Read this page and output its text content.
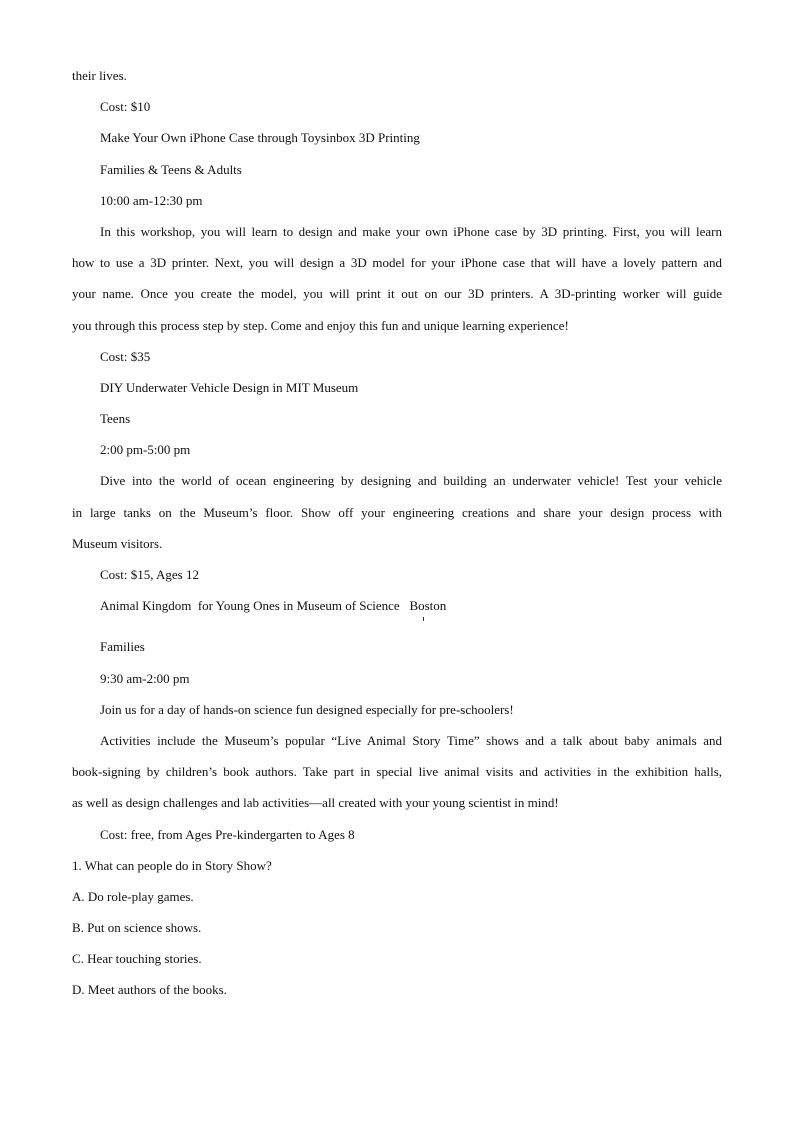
their lives.
Cost: $10
Make Your Own iPhone Case through Toysinbox 3D Printing
Families & Teens & Adults
10:00 am-12:30 pm
In this workshop, you will learn to design and make your own iPhone case by 3D printing. First, you will learn
how to use a 3D printer. Next, you will design a 3D model for your iPhone case that will have a lovely pattern and
your name. Once you create the model, you will print it out on our 3D printers. A 3D-printing worker will guide
you through this process step by step. Come and enjoy this fun and unique learning experience!
Cost: $35
DIY Underwater Vehicle Design in MIT Museum
Teens
2:00 pm-5:00 pm
Dive into the world of ocean engineering by designing and building an underwater vehicle! Test your vehicle
in large tanks on the Museum’s floor. Show off your engineering creations and share your design process with
Museum visitors.
Cost: $15, Ages 12
Animal Kingdom  for Young Ones in Museum of Science   Boston
Families
9:30 am-2:00 pm
Join us for a day of hands-on science fun designed especially for pre-schoolers!
Activities include the Museum’s popular “Live Animal Story Time” shows and a talk about baby animals and
book-signing by children’s book authors. Take part in special live animal visits and activities in the exhibition halls,
as well as design challenges and lab activities—all created with your young scientist in mind!
Cost: free, from Ages Pre-kindergarten to Ages 8
1. What can people do in Story Show?
A. Do role-play games.
B. Put on science shows.
C. Hear touching stories.
D. Meet authors of the books.
